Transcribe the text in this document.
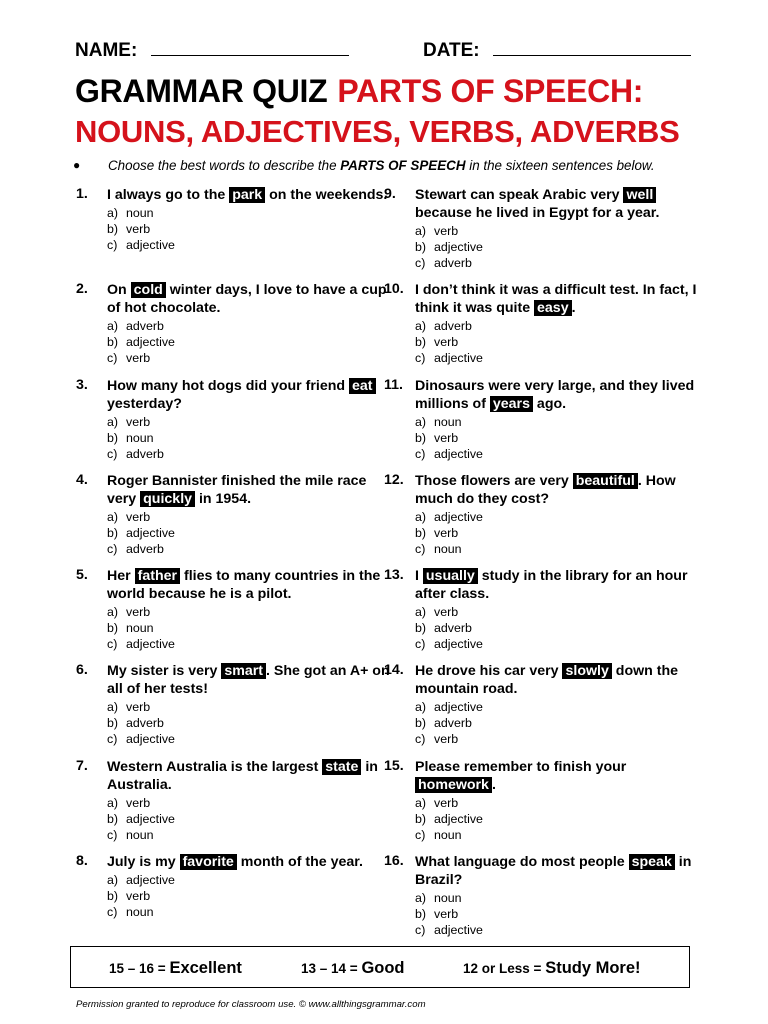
NAME:	DATE:
GRAMMAR QUIZ PARTS OF SPEECH:
NOUNS, ADJECTIVES, VERBS, ADVERBS
● Choose the best words to describe the PARTS OF SPEECH in the sixteen sentences below.
1.	I always go to the park on the weekends.
a) noun
b) verb
c) adjective
2.	On cold winter days, I love to have a cup of hot chocolate.
a) adverb
b) adjective
c) verb
3.	How many hot dogs did your friend eat yesterday?
a) verb
b) noun
c) adverb
4.	Roger Bannister finished the mile race very quickly in 1954.
a) verb
b) adjective
c) adverb
5.	Her father flies to many countries in the world because he is a pilot.
a) verb
b) noun
c) adjective
6.	My sister is very smart . She got an A+ on all of her tests!
a) verb
b) adverb
c) adjective
7.	Western Australia is the largest state in Australia.
a) verb
b) adjective
c) noun
8.	July is my favorite month of the year.
a) adjective
b) verb
c) noun
9.	Stewart can speak Arabic very well because he lived in Egypt for a year.
a) verb
b) adjective
c) adverb
10. I don’t think it was a difficult test. In fact, I think it was quite easy .
a) adverb
b) verb
c) adjective
11. Dinosaurs were very large, and they lived millions of years ago.
a) noun
b) verb
c) adjective
12. Those flowers are very beautiful . How much do they cost?
a) adjective
b) verb
c) noun
13. I usually study in the library for an hour after class.
a) verb
b) adverb
c) adjective
14. He drove his car very slowly down the mountain road.
a) adjective
b) adverb
c) verb
15. Please remember to finish your homework .
a) verb
b) adjective
c) noun
16. What language do most people speak in Brazil?
a) noun
b) verb
c) adjective
15 – 16 = Excellent	13 – 14 = Good	12 or Less = Study More!
Permission granted to reproduce for classroom use. © www.allthingsgrammar.com
